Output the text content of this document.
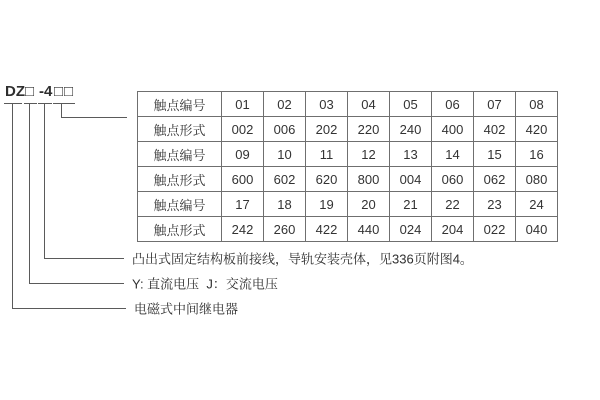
DZ □ -4 □□
触点编号	01	02	03	04	05	06	07	08
触点形式	002	006	202	220	240	400	402	420
触点编号	09	10	11	12	13	14	15	16
触点形式	600	602	620	800	004	060	062	080
触点编号	17	18	19	20	21	22	23	24
触点形式	242	260	422	440	024	204	022	040
凸出式固定结构板前接线，导轨安装壳体，见336页附图4。
Y: 直流电压  J：交流电压
电磁式中间继电器
